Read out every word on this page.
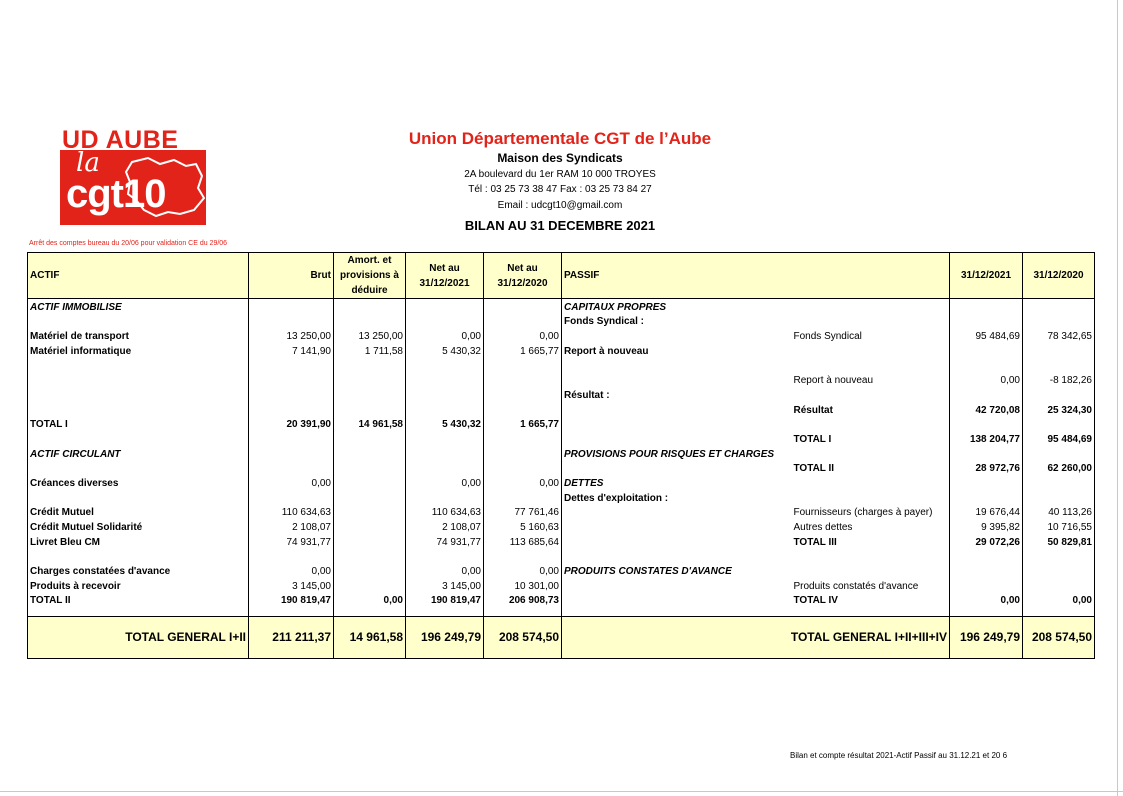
UD AUBE
la
cgt10
Union Départementale CGT de l’Aube
Maison des Syndicats
2A boulevard du 1er RAM 10 000 TROYES
Tél : 03 25 73 38 47 Fax : 03 25 73 84 27
Email : udcgt10@gmail.com
BILAN AU 31 DECEMBRE 2021
Arrêt des comptes bureau du 20/06 pour validation CE du 29/06
ACTIF	Brut	Amort. et provisions à déduire	Net au 31/12/2021	Net au 31/12/2020	PASSIF		31/12/2021	31/12/2020
ACTIF IMMOBILISE					CAPITAUX PROPRES			
					Fonds Syndical :			
Matériel de transport	13 250,00	13 250,00	0,00	0,00		Fonds Syndical	95 484,69	78 342,65
Matériel informatique	7 141,90	1 711,58	5 430,32	1 665,77	Report à nouveau			

						Report à nouveau	0,00	-8 182,26
					Résultat :			
						Résultat	42 720,08	25 324,30
TOTAL I	20 391,90	14 961,58	5 430,32	1 665,77				
						TOTAL I	138 204,77	95 484,69
ACTIF CIRCULANT					PROVISIONS POUR RISQUES ET CHARGES			
						TOTAL II	28 972,76	62 260,00
Créances diverses	0,00		0,00	0,00	DETTES			
					Dettes d'exploitation :			
Crédit Mutuel	110 634,63		110 634,63	77 761,46		Fournisseurs (charges à payer)	19 676,44	40 113,26
Crédit Mutuel Solidarité	2 108,07		2 108,07	5 160,63		Autres dettes	9 395,82	10 716,55
Livret Bleu CM	74 931,77		74 931,77	113 685,64		TOTAL III	29 072,26	50 829,81

Charges constatées d'avance	0,00		0,00	0,00	PRODUITS CONSTATES D'AVANCE			
Produits à recevoir	3 145,00		3 145,00	10 301,00		Produits constatés d'avance		
TOTAL II	190 819,47	0,00	190 819,47	206 908,73		TOTAL IV	0,00	0,00

TOTAL GENERAL I+II	211 211,37	14 961,58	196 249,79	208 574,50	TOTAL GENERAL I+II+III+IV		196 249,79	208 574,50
Bilan et compte résultat 2021-Actif Passif au 31.12.21 et 20 6
